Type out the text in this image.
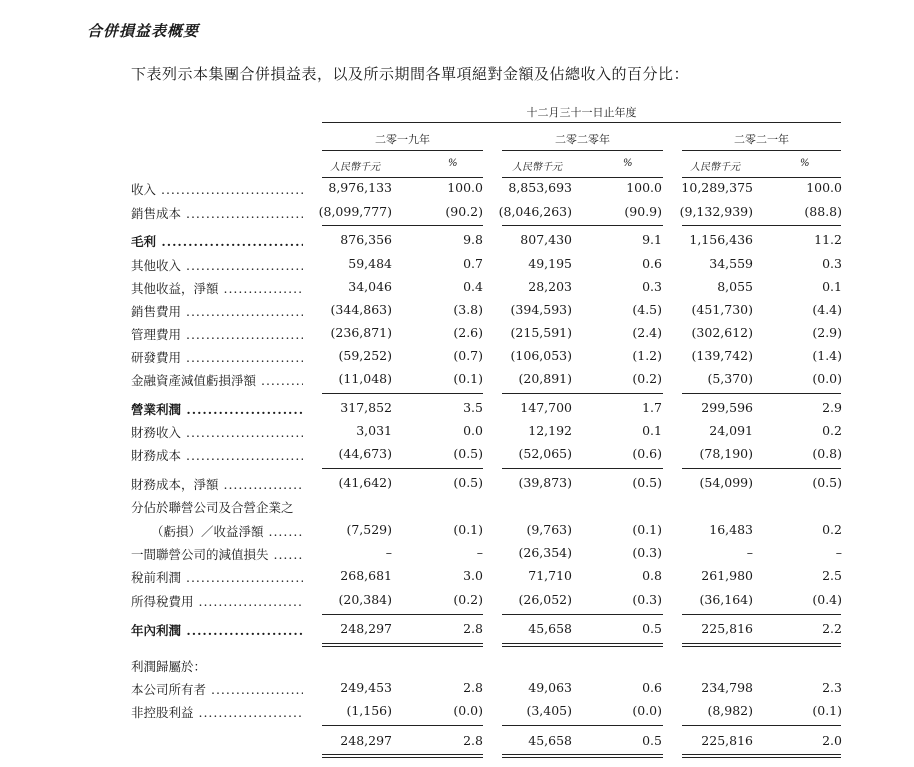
合併損益表概要
下表列示本集團合併損益表，以及所示期間各單項絕對金額及佔總收入的百分比：
十二月三十一日止年度
二零一九年	二零二零年	二零二一年
人民幣千元	%	人民幣千元	%	人民幣千元	%
收入 .....	8,976,133	100.0	8,853,693	100.0	10,289,375	100.0
銷售成本 .....	(8,099,777)	(90.2)	(8,046,263)	(90.9)	(9,132,939)	(88.8)
毛利 .....	876,356	9.8	807,430	9.1	1,156,436	11.2
其他收入 .....	59,484	0.7	49,195	0.6	34,559	0.3
其他收益，淨額 .....	34,046	0.4	28,203	0.3	8,055	0.1
銷售費用 .....	(344,863)	(3.8)	(394,593)	(4.5)	(451,730)	(4.4)
管理費用 .....	(236,871)	(2.6)	(215,591)	(2.4)	(302,612)	(2.9)
研發費用 .....	(59,252)	(0.7)	(106,053)	(1.2)	(139,742)	(1.4)
金融資產減值虧損淨額 .....	(11,048)	(0.1)	(20,891)	(0.2)	(5,370)	(0.0)
營業利潤 .....	317,852	3.5	147,700	1.7	299,596	2.9
財務收入 .....	3,031	0.0	12,192	0.1	24,091	0.2
財務成本 .....	(44,673)	(0.5)	(52,065)	(0.6)	(78,190)	(0.8)
財務成本，淨額 .....	(41,642)	(0.5)	(39,873)	(0.5)	(54,099)	(0.5)
分佔於聯營公司及合營企業之
（虧損）／收益淨額 .....	(7,529)	(0.1)	(9,763)	(0.1)	16,483	0.2
一間聯營公司的減值損失 .....	–	–	(26,354)	(0.3)	–	–
稅前利潤 .....	268,681	3.0	71,710	0.8	261,980	2.5
所得稅費用 .....	(20,384)	(0.2)	(26,052)	(0.3)	(36,164)	(0.4)
年內利潤 .....	248,297	2.8	45,658	0.5	225,816	2.2
利潤歸屬於：
本公司所有者 .....	249,453	2.8	49,063	0.6	234,798	2.3
非控股利益 .....	(1,156)	(0.0)	(3,405)	(0.0)	(8,982)	(0.1)
248,297	2.8	45,658	0.5	225,816	2.0
